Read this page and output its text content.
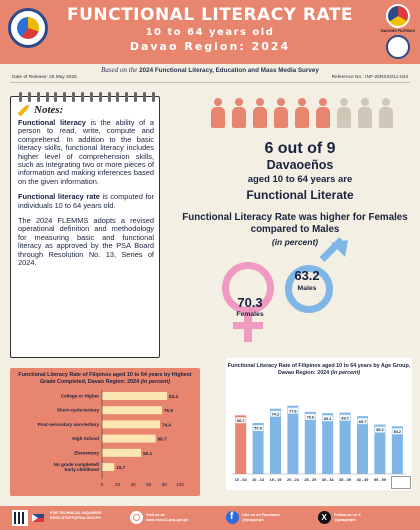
FUNCTIONAL LITERACY RATE
10 to 64 years old
Davao Region: 2024
BAGONG PILIPINAS
Based on the 2024 Functional Literacy, Education and Mass Media Survey
Date of Release: 26 May 2025	Reference No.: INF-25RSSO11-044
Notes:

Functional literacy is the ability of a person to read, write, compute and comprehend. In addition to the basic literacy skills, functional literacy includes higher level of comprehension skills, such as integrating two or more pieces of information and making inferences based on the given information.

Functional literacy rate is computed for individuals 10 to 64 years old.

The 2024 FLEMMS adopts a revised operational definition and methodology for measuring basic and functional literacy as approved by the PSA Board through Resolution No. 13, Series of 2024.

6 out of 9
Davaoeños
aged 10 to 64 years are
Functional Literate
Functional Literacy Rate was higher for Females compared to Males
(in percent)
70.3
Females
63.2
Males
Functional Literacy Rate of Filipinos aged 10 to 64 years by Highest Grade Completed, Davao Region: 2024 (in percent)
College or Higher	83.4
Short-cycle-tertiary	76.9
Post-secondary non-tertiary	74.4
High School	68.7
Elementary	50.1
No grade completed/ Early childhood	15.7
0	20 40 60 80 100
Functional Literacy Rate of Filipinos aged 10 to 64 years by Age Group, Davao Region: 2024 (in percent)
66.7
10 - 64
57.9
10 - 14
74.2
15 - 19
77.6
20 - 24
70.6
25 - 29
69.1
30 - 34
69.7
35 - 39
65.7
40 - 49
56.2
50 - 59
54.2
FOR TECHNICAL INQUIRIES
RSSO.STAFF@PSA.GOV.PH
Visit us at:
www.rsso11.psa.gov.ph
f
Like us on Facebook
@psagovph
X
Follow us on X
@psagovph
